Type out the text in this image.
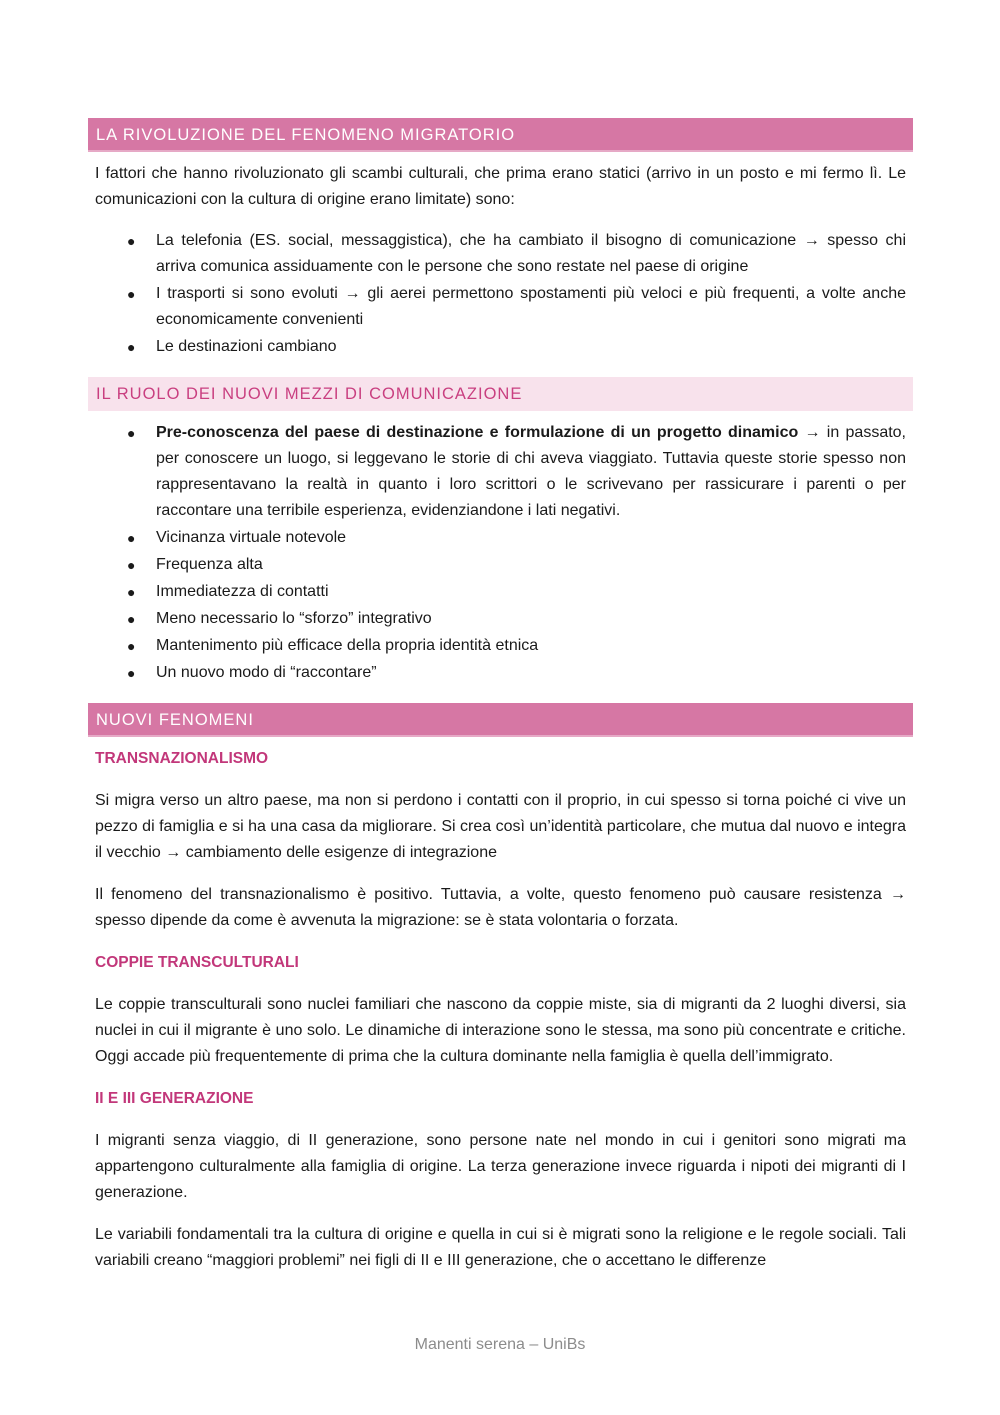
LA RIVOLUZIONE DEL FENOMENO MIGRATORIO

I fattori che hanno rivoluzionato gli scambi culturali, che prima erano statici (arrivo in un posto e mi fermo lì. Le comunicazioni con la cultura di origine erano limitate) sono:

● La telefonia (ES. social, messaggistica), che ha cambiato il bisogno di comunicazione → spesso chi arriva comunica assiduamente con le persone che sono restate nel paese di origine
● I trasporti si sono evoluti → gli aerei permettono spostamenti più veloci e più frequenti, a volte anche economicamente convenienti
● Le destinazioni cambiano
IL RUOLO DEI NUOVI MEZZI DI COMUNICAZIONE
● Pre-conoscenza del paese di destinazione e formulazione di un progetto dinamico → in passato, per conoscere un luogo, si leggevano le storie di chi aveva viaggiato. Tuttavia queste storie spesso non rappresentavano la realtà in quanto i loro scrittori o le scrivevano per rassicurare i parenti o per raccontare una terribile esperienza, evidenziandone i lati negativi.
● Vicinanza virtuale notevole
● Frequenza alta
● Immediatezza di contatti
● Meno necessario lo “sforzo” integrativo
● Mantenimento più efficace della propria identità etnica
● Un nuovo modo di “raccontare”
NUOVI FENOMENI

TRANSNAZIONALISMO

Si migra verso un altro paese, ma non si perdono i contatti con il proprio, in cui spesso si torna poiché ci vive un pezzo di famiglia e si ha una casa da migliorare. Si crea così un’identità particolare, che mutua dal nuovo e integra il vecchio → cambiamento delle esigenze di integrazione

Il fenomeno del transnazionalismo è positivo. Tuttavia, a volte, questo fenomeno può causare resistenza → spesso dipende da come è avvenuta la migrazione: se è stata volontaria o forzata.

COPPIE TRANSCULTURALI

Le coppie transculturali sono nuclei familiari che nascono da coppie miste, sia di migranti da 2 luoghi diversi, sia nuclei in cui il migrante è uno solo. Le dinamiche di interazione sono le stessa, ma sono più concentrate e critiche. Oggi accade più frequentemente di prima che la cultura dominante nella famiglia è quella dell’immigrato.

II E III GENERAZIONE

I migranti senza viaggio, di II generazione, sono persone nate nel mondo in cui i genitori sono migrati ma appartengono culturalmente alla famiglia di origine. La terza generazione invece riguarda i nipoti dei migranti di I generazione.

Le variabili fondamentali tra la cultura di origine e quella in cui si è migrati sono la religione e le regole sociali. Tali variabili creano “maggiori problemi” nei figli di II e III generazione, che o accettano le differenze

Manenti serena – UniBs
